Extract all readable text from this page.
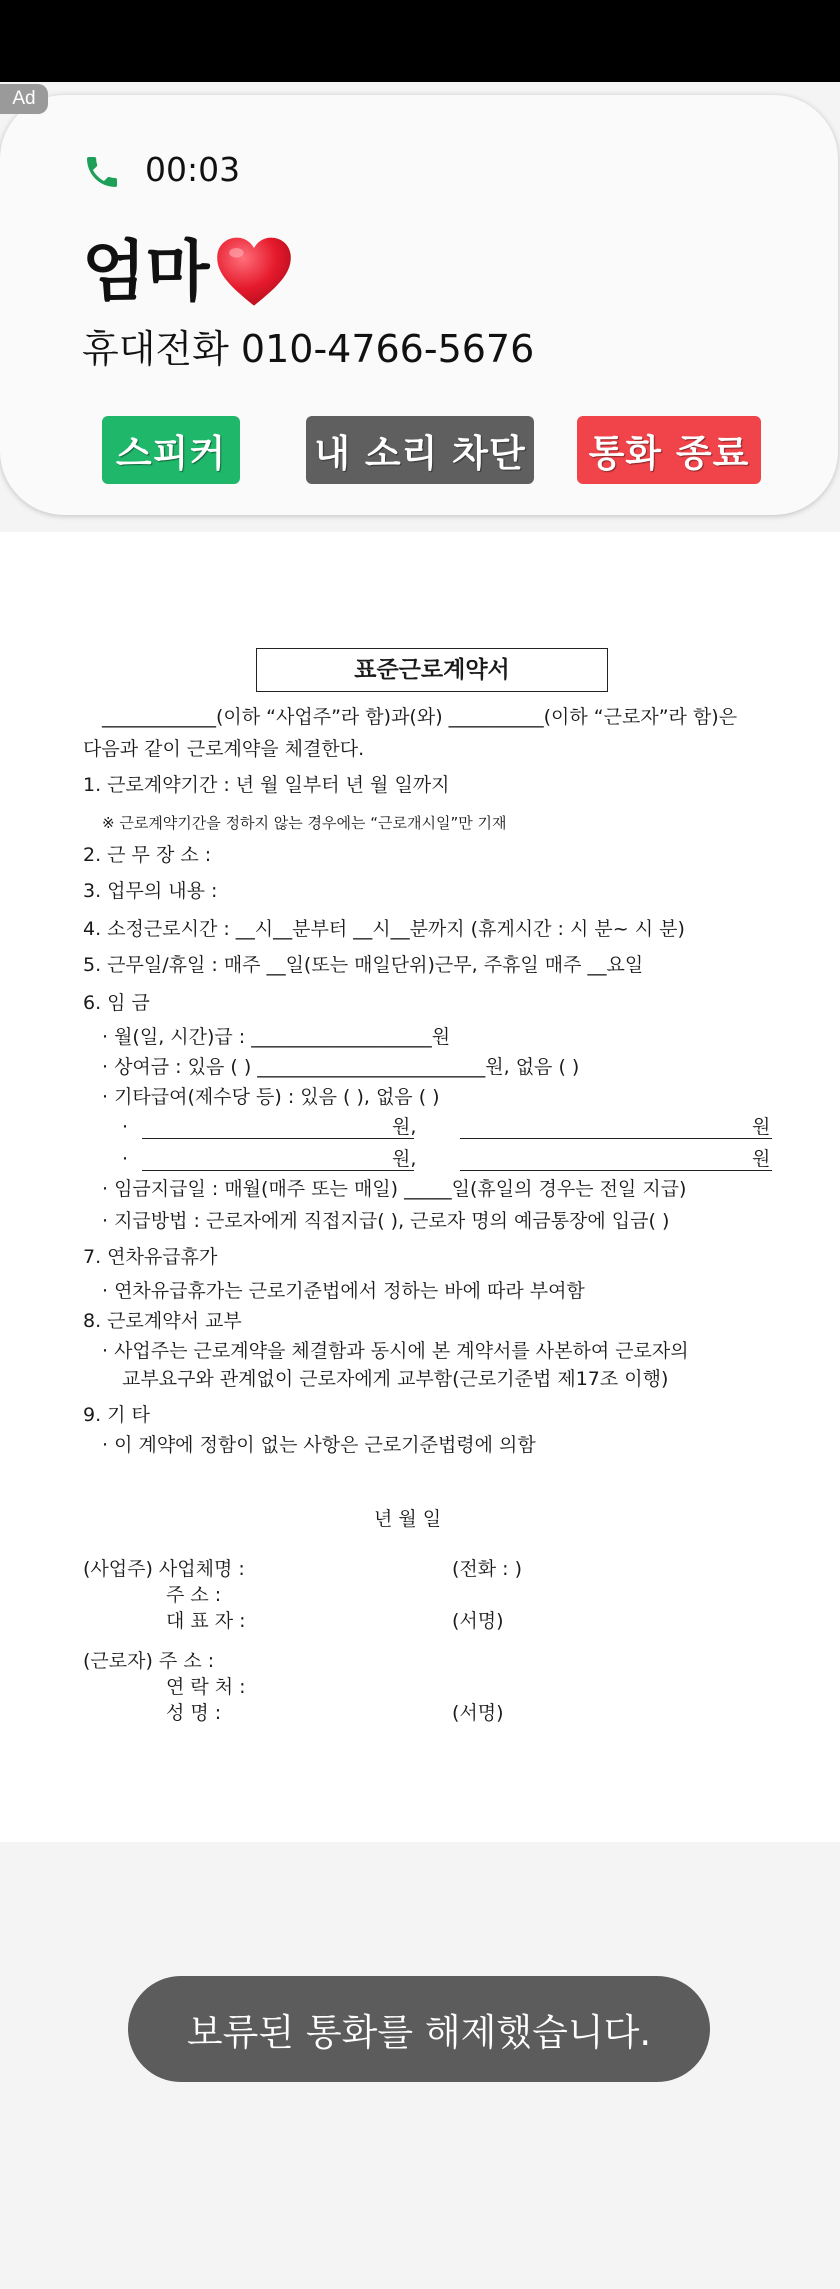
Ad
00:03
엄마
휴대전화 010-4766-5676
스피커	내 소리 차단	통화 종료
표준근로계약서
____________(이하 “사업주”라 함)과(와) __________(이하 “근로자”라 함)은
다음과 같이 근로계약을 체결한다.
1. 근로계약기간 : 년 월 일부터 년 월 일까지
※ 근로계약기간을 정하지 않는 경우에는 “근로개시일”만 기재
2. 근 무 장 소 :
3. 업무의 내용 :
4. 소정근로시간 : __시__분부터 __시__분까지 (휴게시간 : 시 분~ 시 분)
5. 근무일/휴일 : 매주 __일(또는 매일단위)근무, 주휴일 매주 __요일
6. 임 금
· 월(일, 시간)급 : ___________________원
· 상여금 : 있음 ( ) ________________________원, 없음 ( )
· 기타급여(제수당 등) : 있음 ( ), 없음 ( )
·	원,	원
·	원,	원
· 임금지급일 : 매월(매주 또는 매일) _____일(휴일의 경우는 전일 지급)
· 지급방법 : 근로자에게 직접지급( ), 근로자 명의 예금통장에 입금( )
7. 연차유급휴가
· 연차유급휴가는 근로기준법에서 정하는 바에 따라 부여함
8. 근로계약서 교부
· 사업주는 근로계약을 체결함과 동시에 본 계약서를 사본하여 근로자의
교부요구와 관계없이 근로자에게 교부함(근로기준법 제17조 이행)
9. 기 타
· 이 계약에 정함이 없는 사항은 근로기준법령에 의함
년 월 일
(사업주) 사업체명 :	(전화 : )
주 소 :
대 표 자 :	(서명)
(근로자) 주 소 :
연 락 처 :
성 명 :	(서명)
보류된 통화를 해제했습니다.
